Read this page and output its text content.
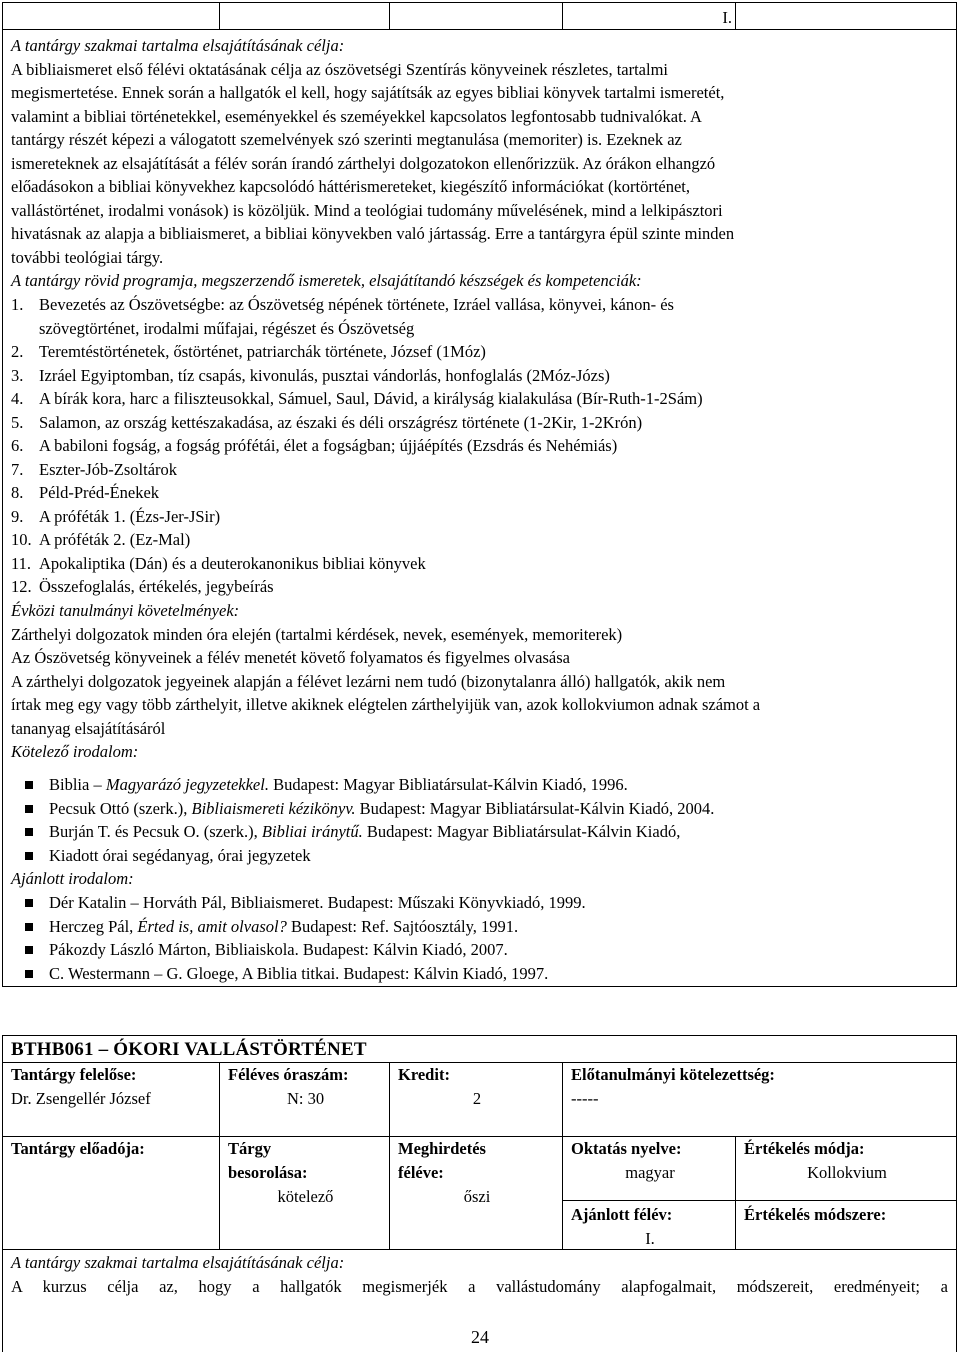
I.
A tantárgy szakmai tartalma elsajátításának célja:
A bibliaismeret első félévi oktatásának célja az ószövetségi Szentírás könyveinek részletes, tartalmi
megismertetése. Ennek során a hallgatók el kell, hogy sajátítsák az egyes bibliai könyvek tartalmi ismeretét,
valamint a bibliai történetekkel, eseményekkel és szeméyekkel kapcsolatos legfontosabb tudnivalókat. A
tantárgy részét képezi a válogatott szemelvények szó szerinti megtanulása (memoriter) is. Ezeknek az
ismereteknek az elsajátítását a félév során írandó zárthelyi dolgozatokon ellenőrizzük. Az órákon elhangzó
előadásokon a bibliai könyvekhez kapcsolódó háttérismereteket, kiegészítő információkat (kortörténet,
vallástörténet, irodalmi vonások) is közöljük. Mind a teológiai tudomány művelésének, mind a lelkipásztori
hivatásnak az alapja a bibliaismeret, a bibliai könyvekben való jártasság. Erre a tantárgyra épül szinte minden
további teológiai tárgy.
A tantárgy rövid programja, megszerzendő ismeretek, elsajátítandó készségek és kompetenciák:
1. Bevezetés az Ószövetségbe: az Ószövetség népének története, Izráel vallása, könyvei, kánon- és
szövegtörténet, irodalmi műfajai, régészet és Ószövetség
2. Teremtéstörténetek, őstörténet, patriarchák története, József (1Móz)
3. Izráel Egyiptomban, tíz csapás, kivonulás, pusztai vándorlás, honfoglalás (2Móz-Józs)
4. A bírák kora, harc a filiszteusokkal, Sámuel, Saul, Dávid, a királyság kialakulása (Bír-Ruth-1-2Sám)
5. Salamon, az ország kettészakadása, az északi és déli országrész története (1-2Kir, 1-2Krón)
6. A babiloni fogság, a fogság prófétái, élet a fogságban; újjáépítés (Ezsdrás és Nehémiás)
7. Eszter-Jób-Zsoltárok
8. Péld-Préd-Énekek
9. A próféták 1. (Ézs-Jer-JSir)
10. A próféták 2. (Ez-Mal)
11. Apokaliptika (Dán) és a deuterokanonikus bibliai könyvek
12. Összefoglalás, értékelés, jegybeírás
Évközi tanulmányi követelmények:
Zárthelyi dolgozatok minden óra elején (tartalmi kérdések, nevek, események, memoriterek)
Az Ószövetség könyveinek a félév menetét követő folyamatos és figyelmes olvasása
A zárthelyi dolgozatok jegyeinek alapján a félévet lezárni nem tudó (bizonytalanra álló) hallgatók, akik nem
írtak meg egy vagy több zárthelyit, illetve akiknek elégtelen zárthelyijük van, azok kollokviumon adnak számot a
tananyag elsajátításáról
Kötelező irodalom:
Biblia – Magyarázó jegyzetekkel. Budapest: Magyar Bibliatársulat-Kálvin Kiadó, 1996.
Pecsuk Ottó (szerk.), Bibliaismereti kézikönyv. Budapest: Magyar Bibliatársulat-Kálvin Kiadó, 2004.
Burján T. és Pecsuk O. (szerk.), Bibliai iránytű. Budapest: Magyar Bibliatársulat-Kálvin Kiadó,
Kiadott órai segédanyag, órai jegyzetek
Ajánlott irodalom:
Dér Katalin – Horváth Pál, Bibliaismeret. Budapest: Műszaki Könyvkiadó, 1999.
Herczeg Pál, Érted is, amit olvasol? Budapest: Ref. Sajtóosztály, 1991.
Pákozdy László Márton, Bibliaiskola. Budapest: Kálvin Kiadó, 2007.
C. Westermann – G. Gloege, A Biblia titkai. Budapest: Kálvin Kiadó, 1997.
BTHB061 – ÓKORI VALLÁSTÖRTÉNET
Tantárgy felelőse:
Dr. Zsengellér József
Féléves óraszám:
N: 30
Kredit:
2
Előtanulmányi kötelezettség:
-----
Tantárgy előadója:	Tárgy
besorolása:
kötelező
Meghirdetés
féléve:
őszi
Oktatás nyelve:
magyar
Értékelés módja:
Kollokvium
Ajánlott félév:
I.
Értékelés módszere:
A tantárgy szakmai tartalma elsajátításának célja:
A kurzus célja az, hogy a hallgatók megismerjék a vallástudomány alapfogalmait, módszereit, eredményeit; a
24
